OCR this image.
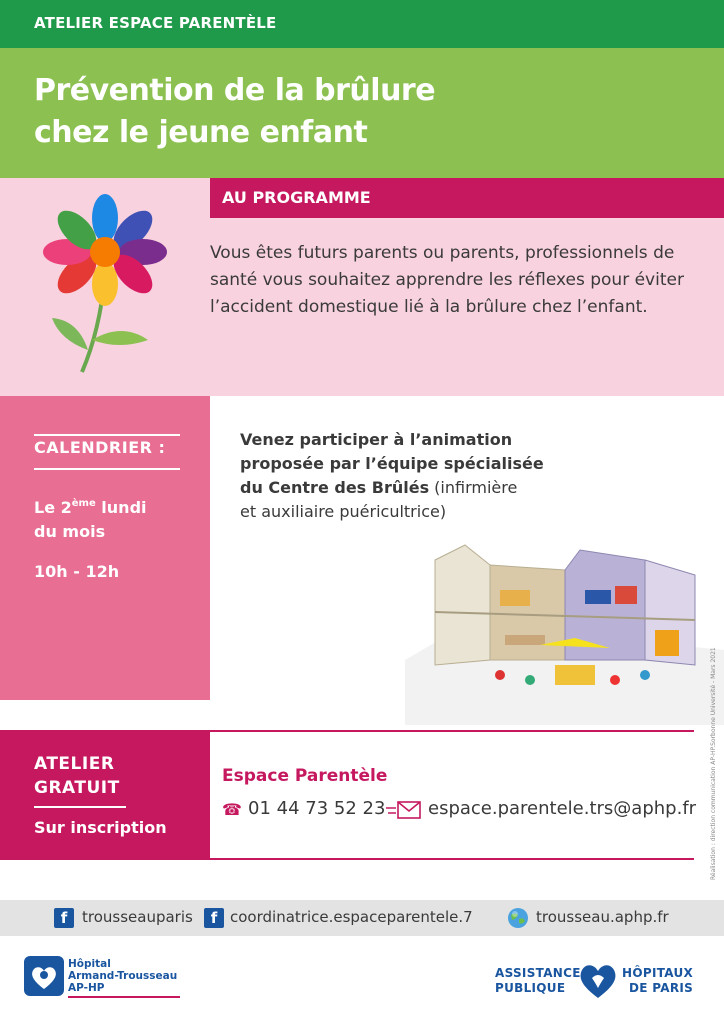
ATELIER ESPACE PARENTÈLE
Prévention de la brûlure
chez le jeune enfant
AU PROGRAMME
Vous êtes futurs parents ou parents, professionnels de santé vous souhaitez apprendre les réflexes pour éviter l’accident domestique lié à la brûlure chez l’enfant.
CALENDRIER :
Le 2ème lundi
du mois
10h - 12h
Venez participer à l’animation
proposée par l’équipe spécialisée
du Centre des Brûlés (infirmière
et auxiliaire puéricultrice)
ATELIER
GRATUIT
Sur inscription
Espace Parentèle
☎ 01 44 73 52 23 espace.parentele.trs@aphp.fr Réalisation : direction communication AP-HP.Sorbonne Université - Mars 2021
f trousseauparis	f coordinatrice.espaceparentele.7	trousseau.aphp.fr
Hôpital
Armand-Trousseau
AP-HP
ASSISTANCE
PUBLIQUE
HÔPITAUX
DE PARIS
